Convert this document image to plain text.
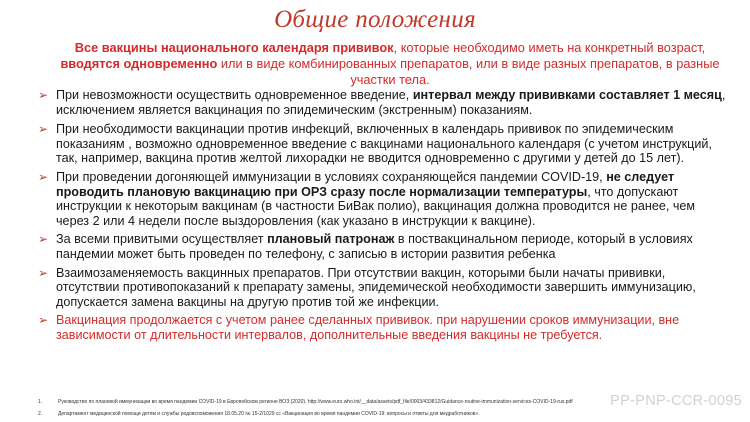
Общие положения
Все вакцины национального календаря прививок, которые необходимо иметь на конкретный возраст, вводятся одновременно или в виде комбинированных препаратов, или в виде разных препаратов, в разные участки тела.
➢ При невозможности осуществить одновременное введение, интервал между прививками составляет 1 месяц, исключением является вакцинация по эпидемическим (экстренным) показаниям.
➢ При необходимости вакцинации против инфекций, включенных в календарь прививок по эпидемическим показаниям , возможно одновременное введение с вакцинами национального календаря (с учетом инструкций, так, например, вакцина против желтой лихорадки не вводится одновременно с другими у детей до 15 лет).
➢ При проведении догоняющей иммунизации в условиях сохраняющейся пандемии COVID-19, не следует проводить плановую вакцинацию при ОРЗ сразу после нормализации температуры, что допускают инструкции к некоторым вакцинам (в частности БиВак полио), вакцинация должна проводится не ранее, чем через 2 или 4 недели после выздоровления (как указано в инструкции к вакцине).
➢ За всеми привитыми осуществляет плановый патронаж в поствакцинальном периоде, который в условиях пандемии может быть проведен по телефону, с записью в истории развития ребенка
➢ Взаимозаменяемость вакцинных препаратов. При отсутствии вакцин, которыми были начаты прививки, отсутствии противопоказаний к препарату замены, эпидемической необходимости завершить иммунизацию, допускается замена вакцины на другую против той же инфекции.
➢ Вакцинация продолжается с учетом ранее сделанных прививок. при нарушении сроков иммунизации, вне зависимости от длительности интервалов, дополнительные введения вакцины не требуется.
1.	Руководство по плановой иммунизации во время пандемии COVID-19 в Европейском регионе ВОЗ (2020). http://www.euro.who.int/__data/assets/pdf_file/0003/433812/Guidance-routine-immunization-services-COVID-19-rus.pdf
2.	Департамент медицинской помощи детям и службы родовспоможения 18.05.20 № 15-2/1029 сс «Вакцинация во время пандемии COVID-19: вопросы и ответы для медработников».
PP-PNP-CCR-0095
